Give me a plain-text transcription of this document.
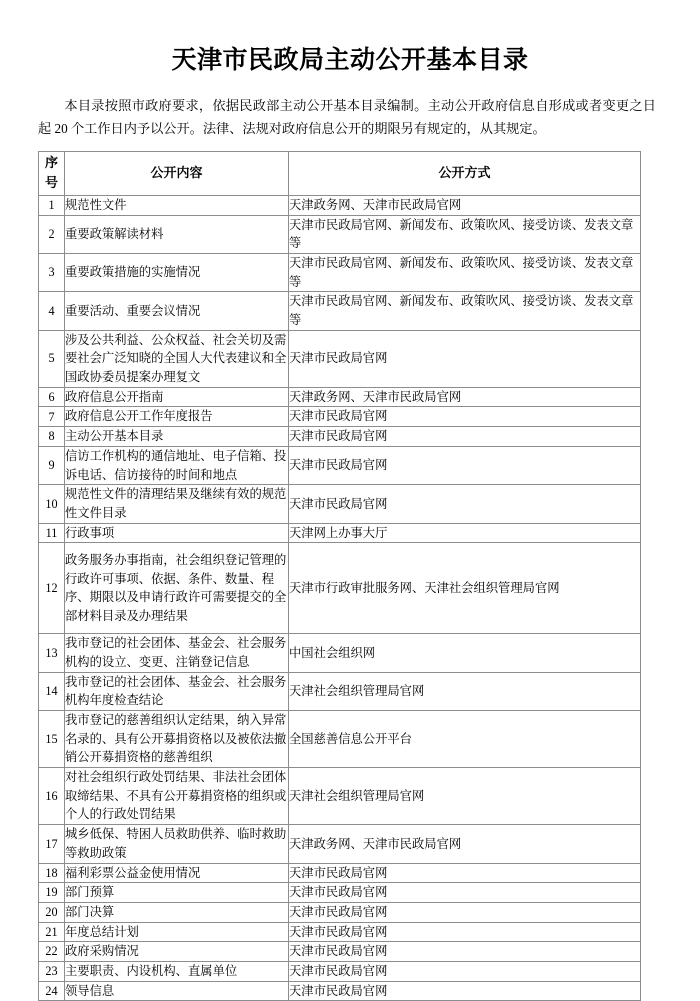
天津市民政局主动公开基本目录

本目录按照市政府要求，依据民政部主动公开基本目录编制。主动公开政府信息自形成或者变更之日起 20 个工作日内予以公开。法律、法规对政府信息公开的期限另有规定的，从其规定。

序号	公开内容	公开方式
1	规范性文件	天津政务网、天津市民政局官网
2	重要政策解读材料	天津市民政局官网、新闻发布、政策吹风、接受访谈、发表文章等
3	重要政策措施的实施情况	天津市民政局官网、新闻发布、政策吹风、接受访谈、发表文章等
4	重要活动、重要会议情况	天津市民政局官网、新闻发布、政策吹风、接受访谈、发表文章等
5	涉及公共利益、公众权益、社会关切及需要社会广泛知晓的全国人大代表建议和全国政协委员提案办理复文	天津市民政局官网
6	政府信息公开指南	天津政务网、天津市民政局官网
7	政府信息公开工作年度报告	天津市民政局官网
8	主动公开基本目录	天津市民政局官网
9	信访工作机构的通信地址、电子信箱、投诉电话、信访接待的时间和地点	天津市民政局官网
10	规范性文件的清理结果及继续有效的规范性文件目录	天津市民政局官网
11	行政事项	天津网上办事大厅
12	政务服务办事指南，社会组织登记管理的行政许可事项、依据、条件、数量、程序、期限以及申请行政许可需要提交的全部材料目录及办理结果	天津市行政审批服务网、天津社会组织管理局官网
13	我市登记的社会团体、基金会、社会服务机构的设立、变更、注销登记信息	中国社会组织网
14	我市登记的社会团体、基金会、社会服务机构年度检查结论	天津社会组织管理局官网
15	我市登记的慈善组织认定结果，纳入异常名录的、具有公开募捐资格以及被依法撤销公开募捐资格的慈善组织	全国慈善信息公开平台
16	对社会组织行政处罚结果、非法社会团体取缔结果、不具有公开募捐资格的组织或个人的行政处罚结果	天津社会组织管理局官网
17	城乡低保、特困人员救助供养、临时救助等救助政策	天津政务网、天津市民政局官网
18	福利彩票公益金使用情况	天津市民政局官网
19	部门预算	天津市民政局官网
20	部门决算	天津市民政局官网
21	年度总结计划	天津市民政局官网
22	政府采购情况	天津市民政局官网
23	主要职责、内设机构、直属单位	天津市民政局官网
24	领导信息	天津市民政局官网
